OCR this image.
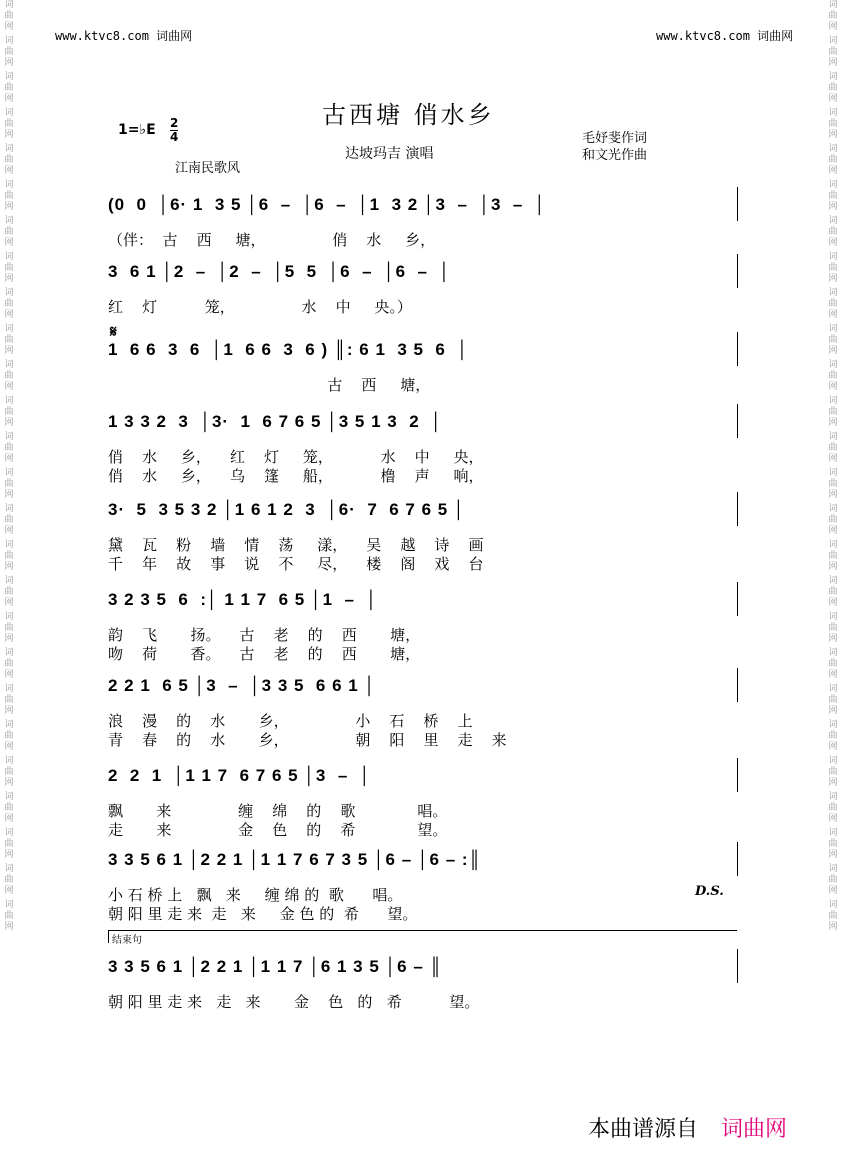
词曲网
词曲网
词曲网
词曲网
词曲网
词曲网
词曲网
词曲网
词曲网
词曲网
词曲网
词曲网
词曲网
词曲网
词曲网
词曲网
词曲网
词曲网
词曲网
词曲网
词曲网
词曲网
词曲网
词曲网
词曲网
词曲网
词曲网
词曲网
词曲网
词曲网
词曲网
词曲网
词曲网
词曲网
词曲网
词曲网
词曲网
词曲网
词曲网
词曲网
词曲网
词曲网
词曲网
词曲网
词曲网
词曲网
词曲网
词曲网
词曲网
词曲网
词曲网
词曲网
www.ktvc8.com 词曲网	www.ktvc8.com 词曲网
古西塘 俏水乡
1=♭E 2
4
江南民歌风
达坡玛吉 演唱
毛妤斐作词
和文光作曲
(0  0  │6· 1  3 5 │6  –  │6  –  │1  3 2 │3  –  │3  –  │
（伴：  古    西     塘，              俏    水     乡，
3  6 1 │2  –  │2  –  │5  5  │6  –  │6  –  │
红    灯          笼，              水    中     央。）
1  6 6  3  6  │1  6 6  3  6 ) ║: 6 1  3 5  6  │
古    西     塘，
1 3 3 2  3  │3·  1  6 7 6 5 │3 5 1 3  2  │
俏    水     乡，    红    灯     笼，          水    中     央，
俏    水     乡，    乌    篷     船，          橹    声     响，
3·  5  3 5 3 2 │1 6 1 2  3  │6·  7  6 7 6 5 │
黛    瓦    粉    墙    情    荡     漾，    吴    越    诗    画
千    年    故    事    说    不     尽，    楼    阁    戏    台
3 2 3 5  6  :│ 1 1 7  6 5 │1  –  │
韵    飞       扬。    古    老    的    西       塘，
吻    荷       香。    古    老    的    西       塘，
2 2 1  6 5 │3  –  │3 3 5  6 6 1 │
浪    漫    的    水       乡，              小    石    桥    上
青    春    的    水       乡，              朝    阳    里    走    来
2  2  1  │1 1 7  6 7 6 5 │3  –  │
飘       来              缠    绵    的    歌             唱。
走       来              金    色    的    希             望。
3 3 5 6 1 │2 2 1 │1 1 7 6 7 3 5 │6 – │6 – :║
小 石 桥 上   飘   来     缠 绵 的  歌      唱。
朝 阳 里 走 来  走   来     金 色 的  希      望。
3 3 5 6 1 │2 2 1 │1 1 7 │6 1 3 5 │6 – ║
朝 阳 里 走 来   走   来       金    色   的   希          望。
结束句
D.S.
𝄋
本曲谱源自 词曲网
